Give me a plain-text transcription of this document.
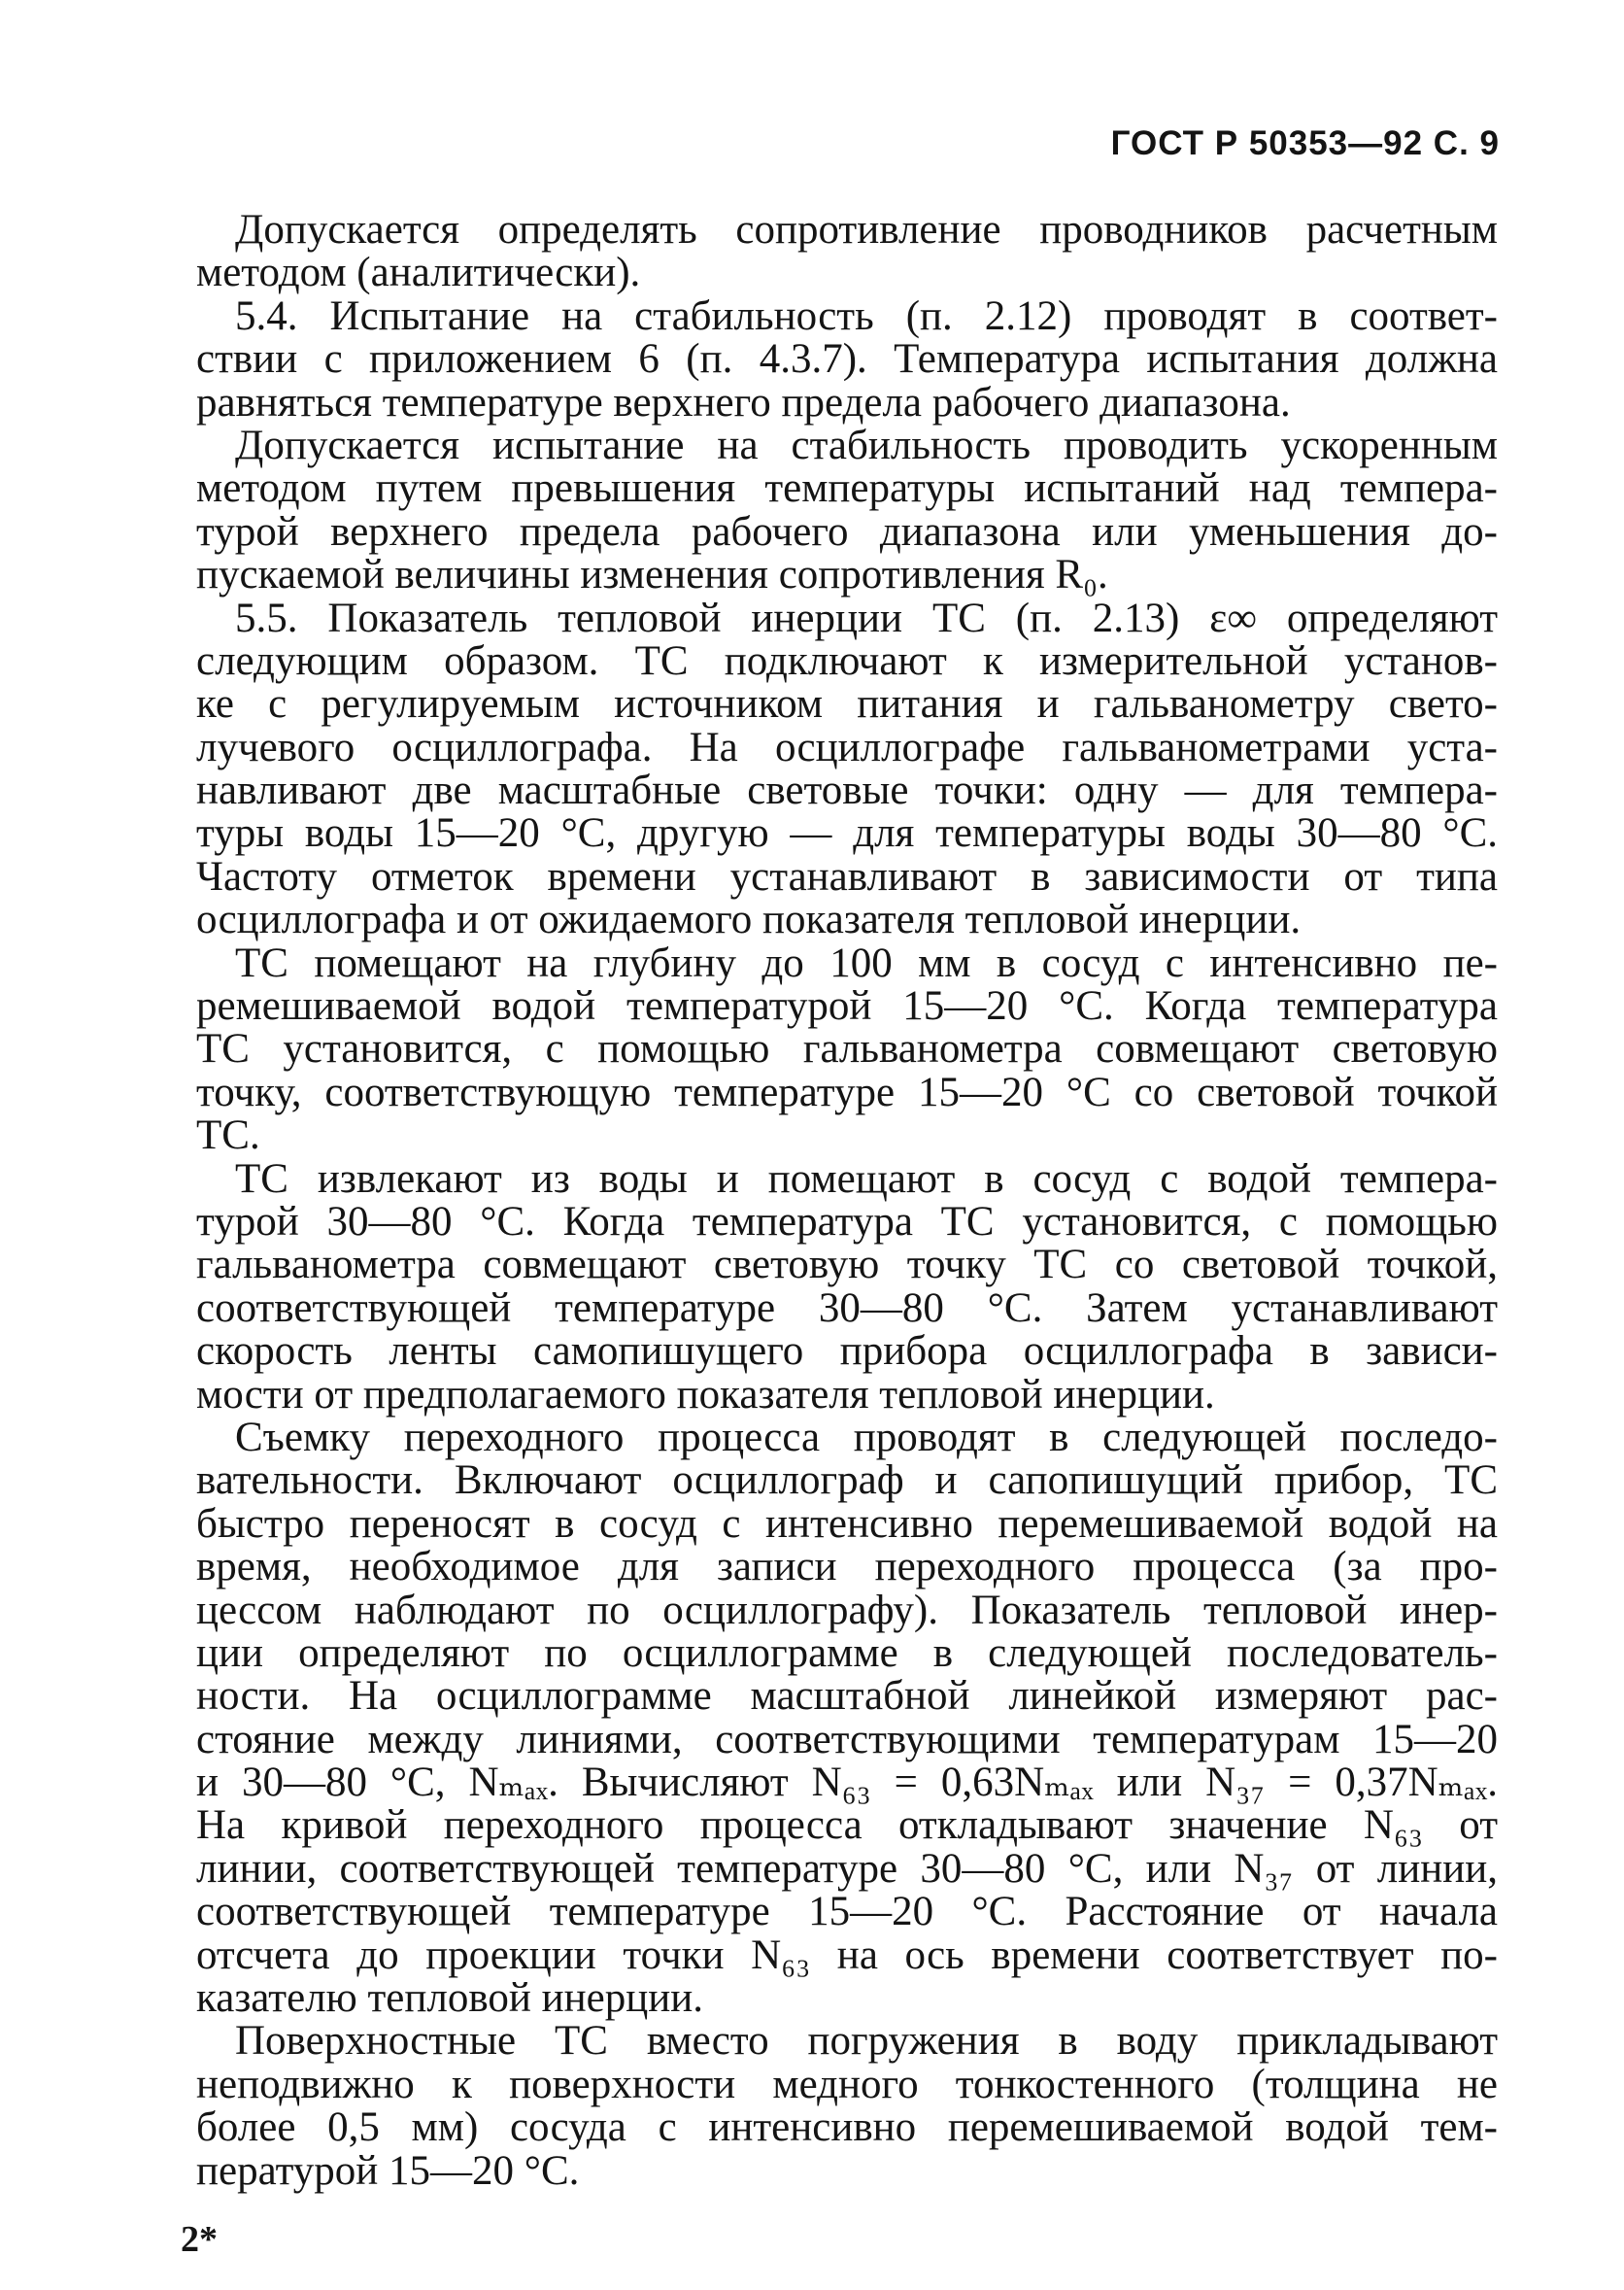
ГОСТ Р 50353—92 С. 9
Допускается определять сопротивление проводников расчетным
методом (аналитически).
5.4. Испытание на стабильность (п. 2.12) проводят в соответ-
ствии с приложением 6 (п. 4.3.7). Температура испытания должна
равняться температуре верхнего предела рабочего диапазона.
Допускается испытание на стабильность проводить ускоренным
методом путем превышения температуры испытаний над темпера-
турой верхнего предела рабочего диапазона или уменьшения до-
пускаемой величины изменения сопротивления R₀.
5.5. Показатель тепловой инерции ТС (п. 2.13) ε∞ определяют
следующим образом. ТС подключают к измерительной установ-
ке с регулируемым источником питания и гальванометру свето-
лучевого осциллографа. На осциллографе гальванометрами уста-
навливают две масштабные световые точки: одну — для темпера-
туры воды 15—20 °С, другую — для температуры воды 30—80 °С.
Частоту отметок времени устанавливают в зависимости от типа
осциллографа и от ожидаемого показателя тепловой инерции.
ТС помещают на глубину до 100 мм в сосуд с интенсивно пе-
ремешиваемой водой температурой 15—20 °С. Когда температура
ТС установится, с помощью гальванометра совмещают световую
точку, соответствующую температуре 15—20 °С со световой точкой
ТС.
ТС извлекают из воды и помещают в сосуд с водой темпера-
турой 30—80 °С. Когда температура ТС установится, с помощью
гальванометра совмещают световую точку ТС со световой точкой,
соответствующей температуре 30—80 °С. Затем устанавливают
скорость ленты самопишущего прибора осциллографа в зависи-
мости от предполагаемого показателя тепловой инерции.
Съемку переходного процесса проводят в следующей последо-
вательности. Включают осциллограф и сапопишущий прибор, ТС
быстро переносят в сосуд с интенсивно перемешиваемой водой на
время, необходимое для записи переходного процесса (за про-
цессом наблюдают по осциллографу). Показатель тепловой инер-
ции определяют по осциллограмме в следующей последователь-
ности. На осциллограмме масштабной линейкой измеряют рас-
стояние между линиями, соответствующими температурам 15—20
и 30—80 °С, Nₘₐₓ. Вычисляют N₆₃ = 0,63Nₘₐₓ или N₃₇ = 0,37Nₘₐₓ.
На кривой переходного процесса откладывают значение N₆₃ от
линии, соответствующей температуре 30—80 °С, или N₃₇ от линии,
соответствующей температуре 15—20 °С. Расстояние от начала
отсчета до проекции точки N₆₃ на ось времени соответствует по-
казателю тепловой инерции.
Поверхностные ТС вместо погружения в воду прикладывают
неподвижно к поверхности медного тонкостенного (толщина не
более 0,5 мм) сосуда с интенсивно перемешиваемой водой тем-
пературой 15—20 °С.
2*
